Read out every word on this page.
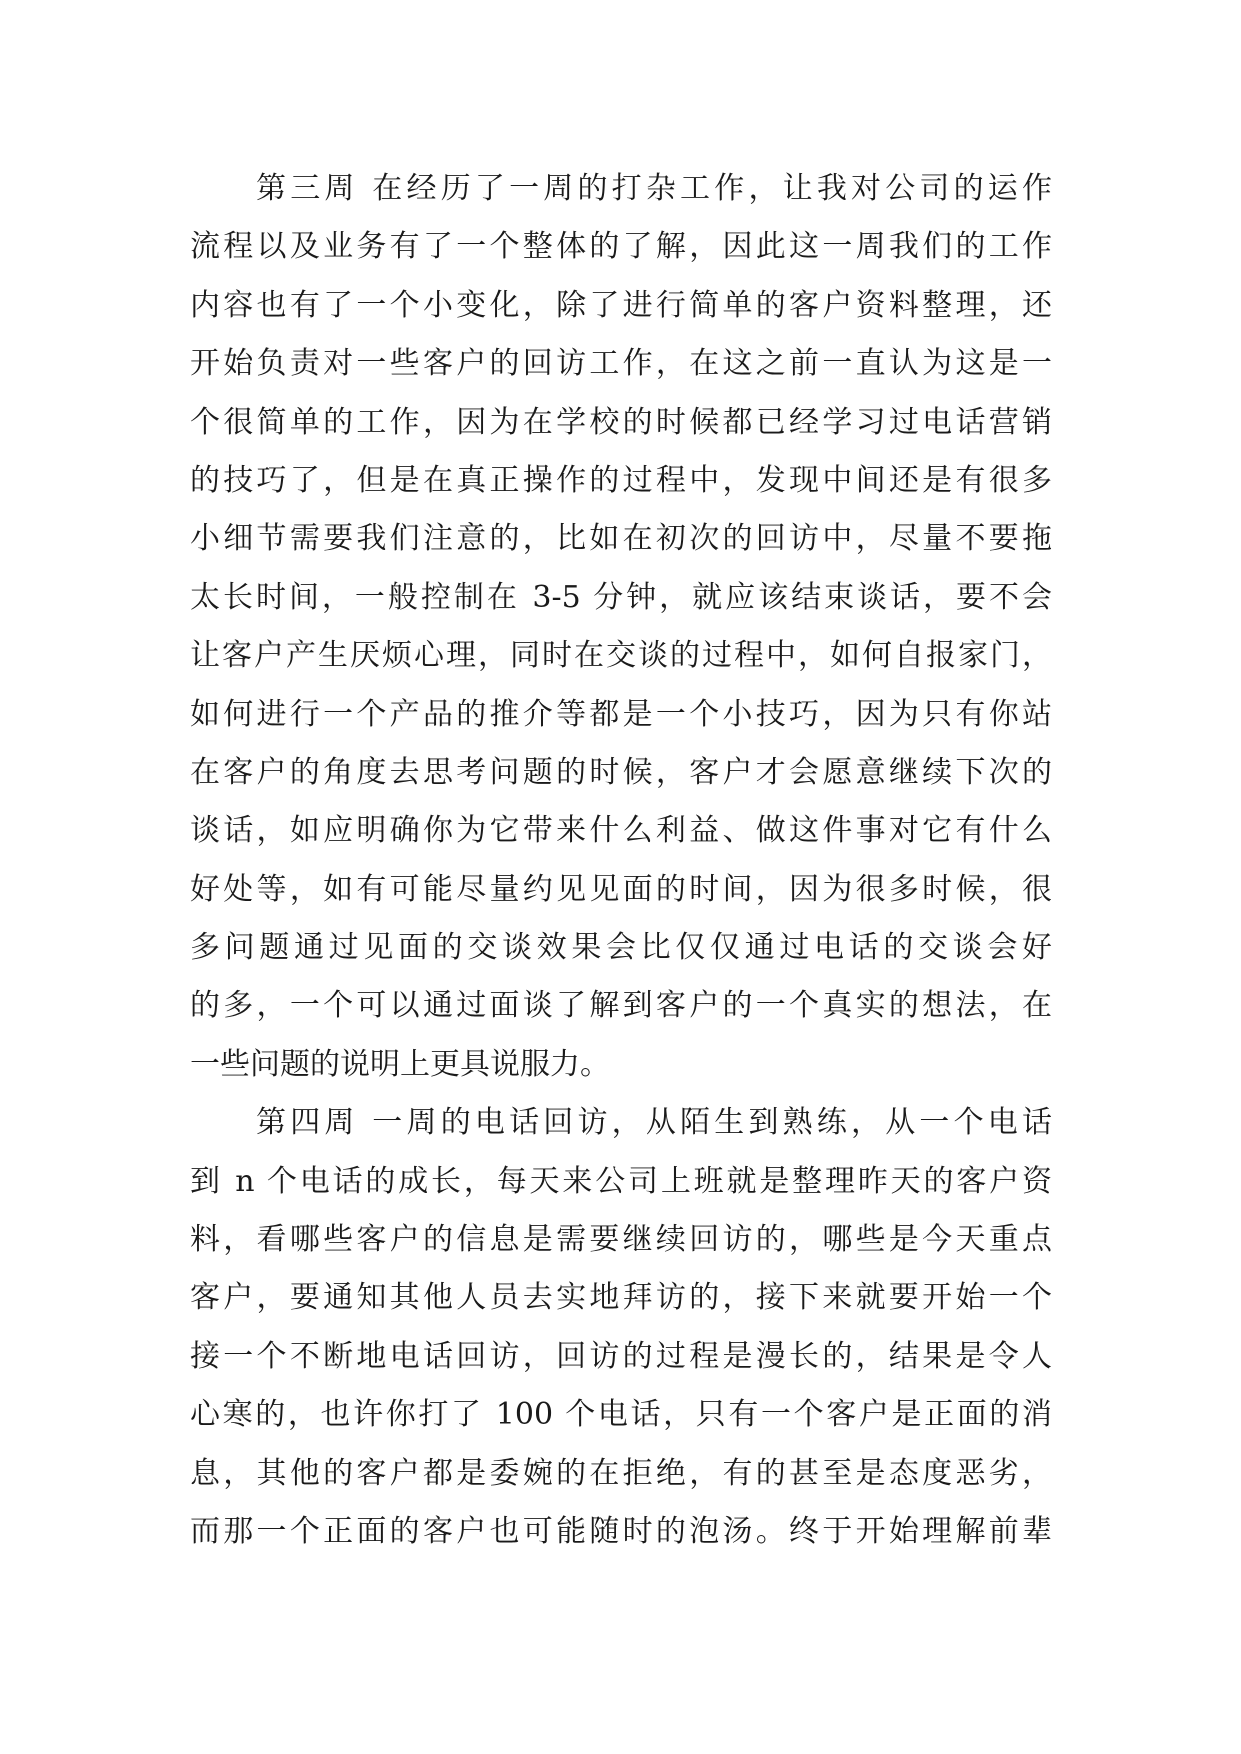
第三周 在经历了一周的打杂工作，让我对公司的运作
流程以及业务有了一个整体的了解，因此这一周我们的工作
内容也有了一个小变化，除了进行简单的客户资料整理，还
开始负责对一些客户的回访工作，在这之前一直认为这是一
个很简单的工作，因为在学校的时候都已经学习过电话营销
的技巧了，但是在真正操作的过程中，发现中间还是有很多
小细节需要我们注意的，比如在初次的回访中，尽量不要拖
太长时间，一般控制在 3-5 分钟，就应该结束谈话，要不会
让客户产生厌烦心理，同时在交谈的过程中，如何自报家门，
如何进行一个产品的推介等都是一个小技巧，因为只有你站
在客户的角度去思考问题的时候，客户才会愿意继续下次的
谈话，如应明确你为它带来什么利益、做这件事对它有什么
好处等，如有可能尽量约见见面的时间，因为很多时候，很
多问题通过见面的交谈效果会比仅仅通过电话的交谈会好
的多，一个可以通过面谈了解到客户的一个真实的想法，在
一些问题的说明上更具说服力。
第四周 一周的电话回访，从陌生到熟练，从一个电话
到 n 个电话的成长，每天来公司上班就是整理昨天的客户资
料，看哪些客户的信息是需要继续回访的，哪些是今天重点
客户，要通知其他人员去实地拜访的，接下来就要开始一个
接一个不断地电话回访，回访的过程是漫长的，结果是令人
心寒的，也许你打了 100 个电话，只有一个客户是正面的消
息，其他的客户都是委婉的在拒绝，有的甚至是态度恶劣，
而那一个正面的客户也可能随时的泡汤。终于开始理解前辈
